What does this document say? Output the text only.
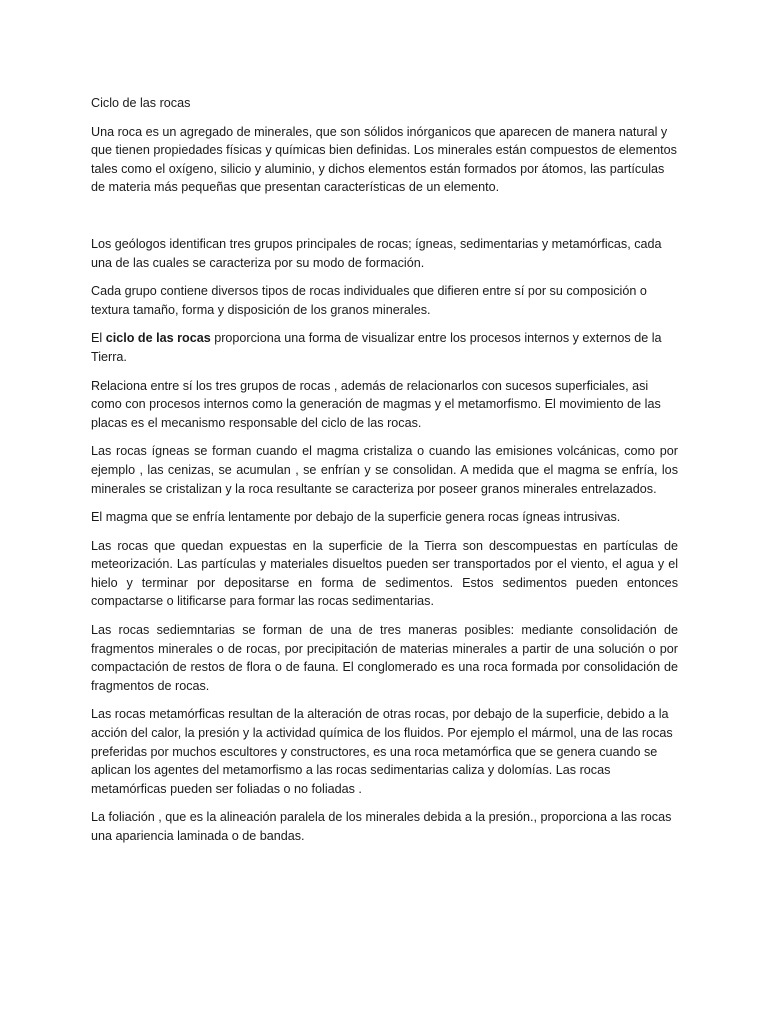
Ciclo de las rocas

Una roca es un agregado de minerales, que son sólidos inórganicos que aparecen de manera natural y que tienen propiedades físicas y químicas bien definidas. Los minerales están compuestos de elementos tales como el oxígeno, silicio y aluminio, y dichos elementos están formados por átomos, las partículas de materia más pequeñas que presentan características de un elemento.

Los geólogos identifican tres grupos principales de rocas; ígneas, sedimentarias y metamórficas, cada una de las cuales se caracteriza por su modo de formación.

Cada grupo contiene diversos tipos de rocas individuales que difieren entre sí por su composición o textura tamaño, forma y disposición de los granos minerales.

El ciclo de las rocas proporciona una forma de visualizar entre los procesos internos y externos de la Tierra.

Relaciona entre sí los tres grupos de rocas , además de relacionarlos con sucesos superficiales, asi como con procesos internos como la generación de magmas y el metamorfismo. El movimiento de las placas es el mecanismo responsable del ciclo de las rocas.

Las rocas ígneas se forman cuando el magma cristaliza o cuando las emisiones volcánicas, como por ejemplo , las cenizas, se acumulan , se enfrían y se consolidan. A medida que el magma se enfría, los minerales se cristalizan y la roca resultante se caracteriza por poseer granos minerales entrelazados.

El magma que se enfría lentamente por debajo de la superficie genera rocas ígneas intrusivas.

Las rocas que quedan expuestas en la superficie de la Tierra son descompuestas en partículas de meteorización. Las partículas y materiales disueltos pueden ser transportados por el viento, el agua y el hielo y terminar por depositarse en forma de sedimentos. Estos sedimentos pueden entonces compactarse o litificarse para formar las rocas sedimentarias.

Las rocas sediemntarias se forman de una de tres maneras posibles: mediante consolidación de fragmentos minerales o de rocas, por precipitación de materias minerales a partir de una solución o por compactación de restos de flora o de fauna. El conglomerado es una roca formada por consolidación de fragmentos de rocas.

Las rocas metamórficas resultan de la alteración de otras rocas, por debajo de la superficie, debido a la acción del calor, la presión y la actividad química de los fluidos. Por ejemplo el mármol, una de las rocas preferidas por muchos escultores y constructores, es una roca metamórfica que se genera cuando se aplican los agentes del metamorfismo a las rocas sedimentarias caliza y dolomías. Las rocas metamórficas pueden ser foliadas o no foliadas .

La foliación , que es la alineación paralela de los minerales debida a la presión., proporciona a las rocas una apariencia laminada o de bandas.
